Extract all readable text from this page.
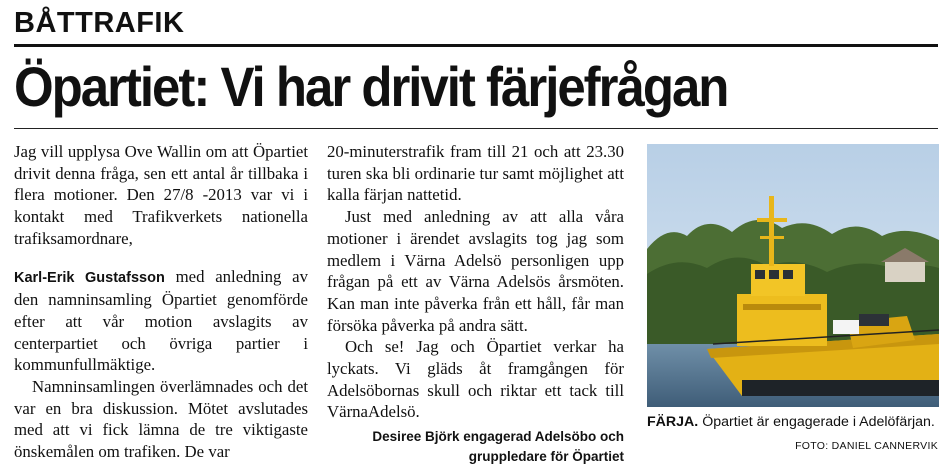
BÅTTRAFIK
Öpartiet: Vi har drivit färjefrågan

Jag vill upplysa Ove Wallin om att Öpartiet drivit denna fråga, sen ett antal år tillbaka i flera motioner. Den 27/8 -2013 var vi i kontakt med Trafikverkets nationella trafiksamordnare,

Karl-Erik Gustafsson med anledning av den namninsamling Öpartiet genomförde efter att vår motion avslagits av centerpartiet och övriga partier i kommunfullmäktige.

Namninsamlingen överlämnades och det var en bra diskussion. Mötet avslutades med att vi fick lämna de tre viktigaste önskemålen om trafiken. De var

20-minuterstrafik fram till 21 och att 23.30 turen ska bli ordinarie tur samt möjlighet att kalla färjan nattetid.

Just med anledning av att alla våra motioner i ärendet avslagits tog jag som medlem i Värna Adelsö personligen upp frågan på ett av Värna Adelsös årsmöten. Kan man inte påverka från ett håll, får man försöka påverka på andra sätt.

Och se! Jag och Öpartiet verkar ha lyckats. Vi gläds åt framgången för Adelsöbornas skull och riktar ett tack till VärnaAdelsö.

Desiree Björk engagerad Adelsöbo och
gruppledare för Öpartiet
FÄRJA. Öpartiet är engagerade i Adelöfärjan.
FOTO: DANIEL CANNERVIK
